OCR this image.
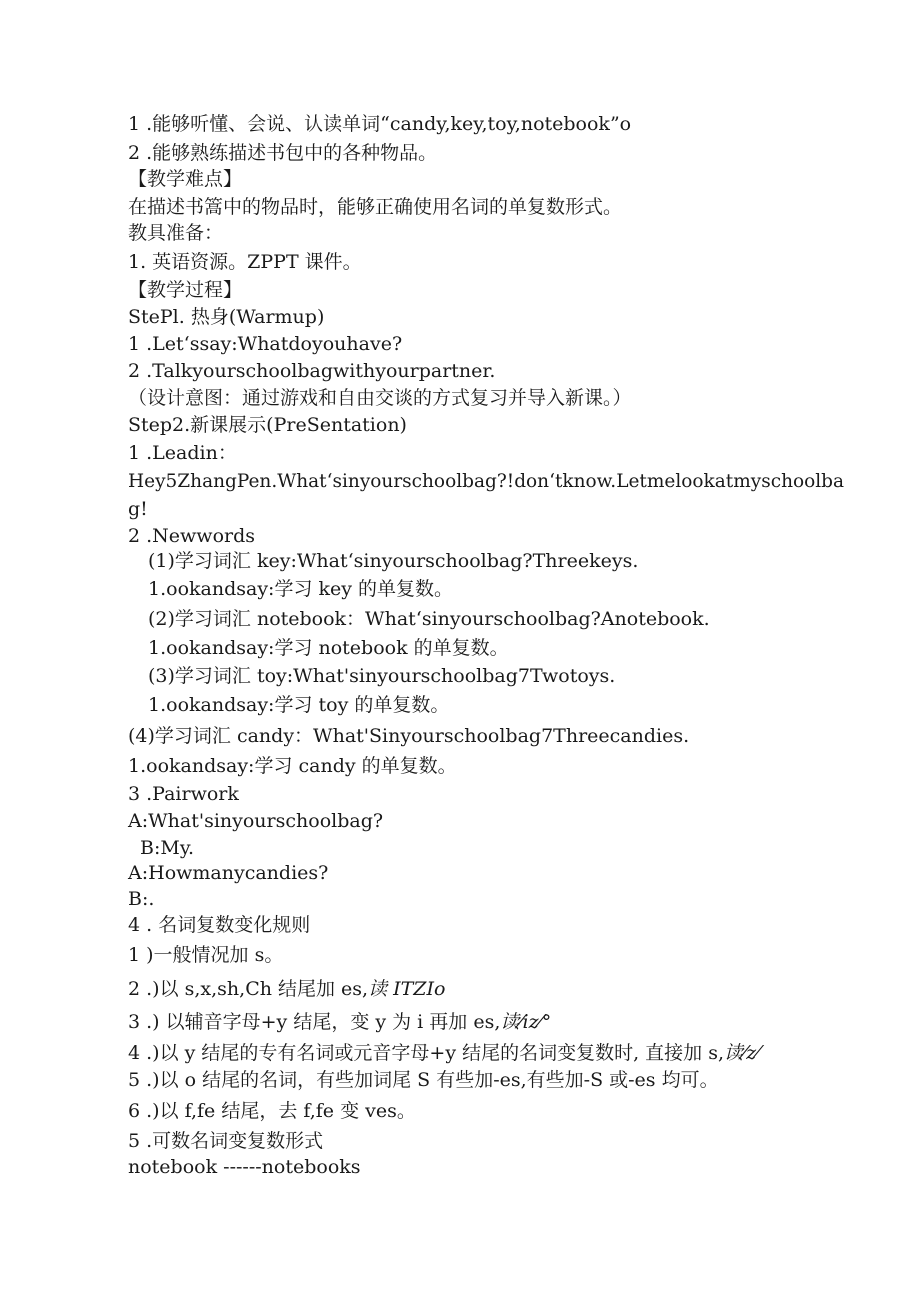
1 .能够听懂、会说、认读单词“candy,key,toy,notebook”o
2 .能够熟练描述书包中的各种物品。
【教学难点】
在描述书篙中的物品时，能够正确使用名词的单复数形式。
教具准备：
1. 英语资源。ZPPT 课件。
【教学过程】
StePl. 热身(Warmup)
1 .Let‘ssay:Whatdoyouhave?
2 .Talkyourschoolbagwithyourpartner.
（设计意图：通过游戏和自由交谈的方式复习并导入新课。）
Step2.新课展示(PreSentation)
1 .Leadin：
Hey5ZhangPen.What‘sinyourschoolbag?!don‘tknow.Letmelookatmyschoolba
g!
2 .Newwords
(1)学习词汇 key:What‘sinyourschoolbag?Threekeys.
1.ookandsay:学习 key 的单复数。
(2)学习词汇 notebook：What‘sinyourschoolbag?Anotebook.
1.ookandsay:学习 notebook 的单复数。
(3)学习词汇 toy:What'sinyourschoolbag7Twotoys.
1.ookandsay:学习 toy 的单复数。
(4)学习词汇 candy：What'Sinyourschoolbag7Threecandies.
1.ookandsay:学习 candy 的单复数。
3 .Pairwork
A:What'sinyourschoolbag?
B:My.
A:Howmanycandies?
B:.
4 . 名词复数变化规则
1 )一般情况加 s。
2 .)以 s,x,sh,Ch 结尾加 es,读 ITZIo
3 .) 以辅音字母+y 结尾，变 y 为 i 再加 es,读⁄iz⁄°
4 .)以 y 结尾的专有名词或元音字母+y 结尾的名词变复数时, 直接加 s,读⁄z⁄
5 .)以 o 结尾的名词，有些加词尾 S 有些加-es,有些加-S 或-es 均可。
6 .)以 f,fe 结尾，去 f,fe 变 ves。
5 .可数名词变复数形式
notebook ------notebooks
